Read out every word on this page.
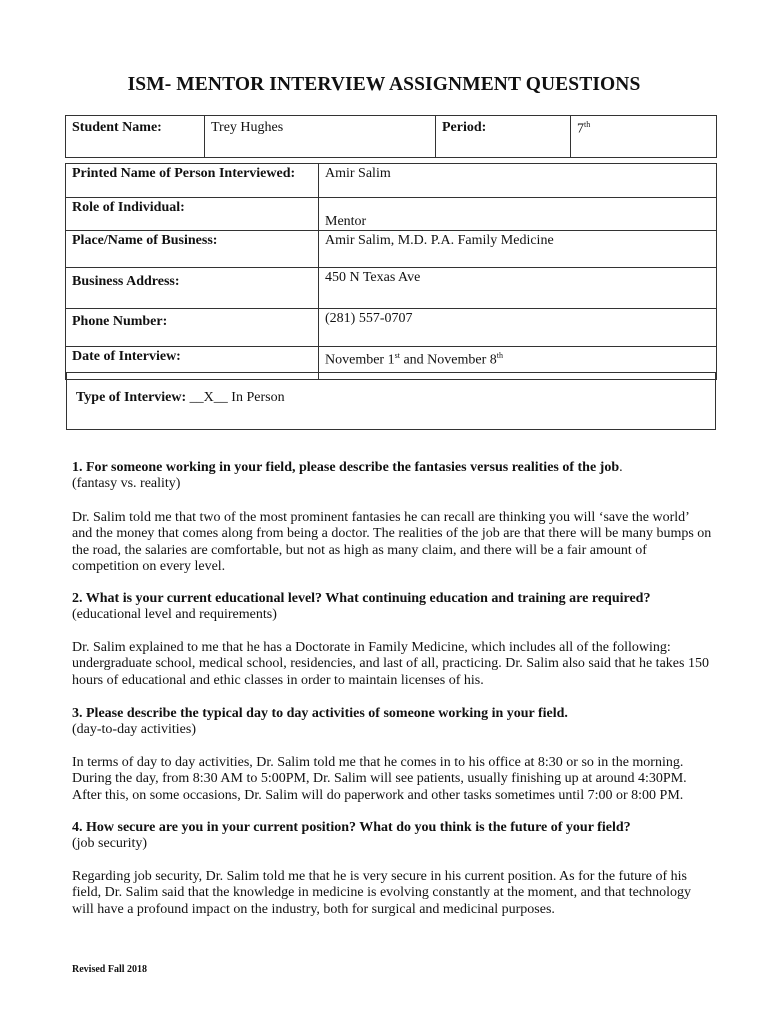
ISM- MENTOR INTERVIEW ASSIGNMENT QUESTIONS
Student Name:	Trey Hughes	Period:	7th
Printed Name of Person Interviewed:	Amir Salim
Role of Individual:	Mentor
Place/Name of Business:	Amir Salim, M.D. P.A. Family Medicine
Business Address:	450 N Texas Ave
Phone Number:	(281) 557-0707
Date of Interview:	November 1st and November 8th
Type of Interview: __X__ In Person
1. For someone working in your field, please describe the fantasies versus realities of the job.
(fantasy vs. reality)
Dr. Salim told me that two of the most prominent fantasies he can recall are thinking you will ‘save the world’ and the money that comes along from being a doctor. The realities of the job are that there will be many bumps on the road, the salaries are comfortable, but not as high as many claim, and there will be a fair amount of competition on every level.
2. What is your current educational level? What continuing education and training are required?
(educational level and requirements)
Dr. Salim explained to me that he has a Doctorate in Family Medicine, which includes all of the following: undergraduate school, medical school, residencies, and last of all, practicing. Dr. Salim also said that he takes 150 hours of educational and ethic classes in order to maintain licenses of his.
3. Please describe the typical day to day activities of someone working in your field.
(day-to-day activities)
In terms of day to day activities, Dr. Salim told me that he comes in to his office at 8:30 or so in the morning. During the day, from 8:30 AM to 5:00PM, Dr. Salim will see patients, usually finishing up at around 4:30PM. After this, on some occasions, Dr. Salim will do paperwork and other tasks sometimes until 7:00 or 8:00 PM.
4. How secure are you in your current position? What do you think is the future of your field?
(job security)
Regarding job security, Dr. Salim told me that he is very secure in his current position. As for the future of his field, Dr. Salim said that the knowledge in medicine is evolving constantly at the moment, and that technology will have a profound impact on the industry, both for surgical and medicinal purposes.
Revised Fall 2018
